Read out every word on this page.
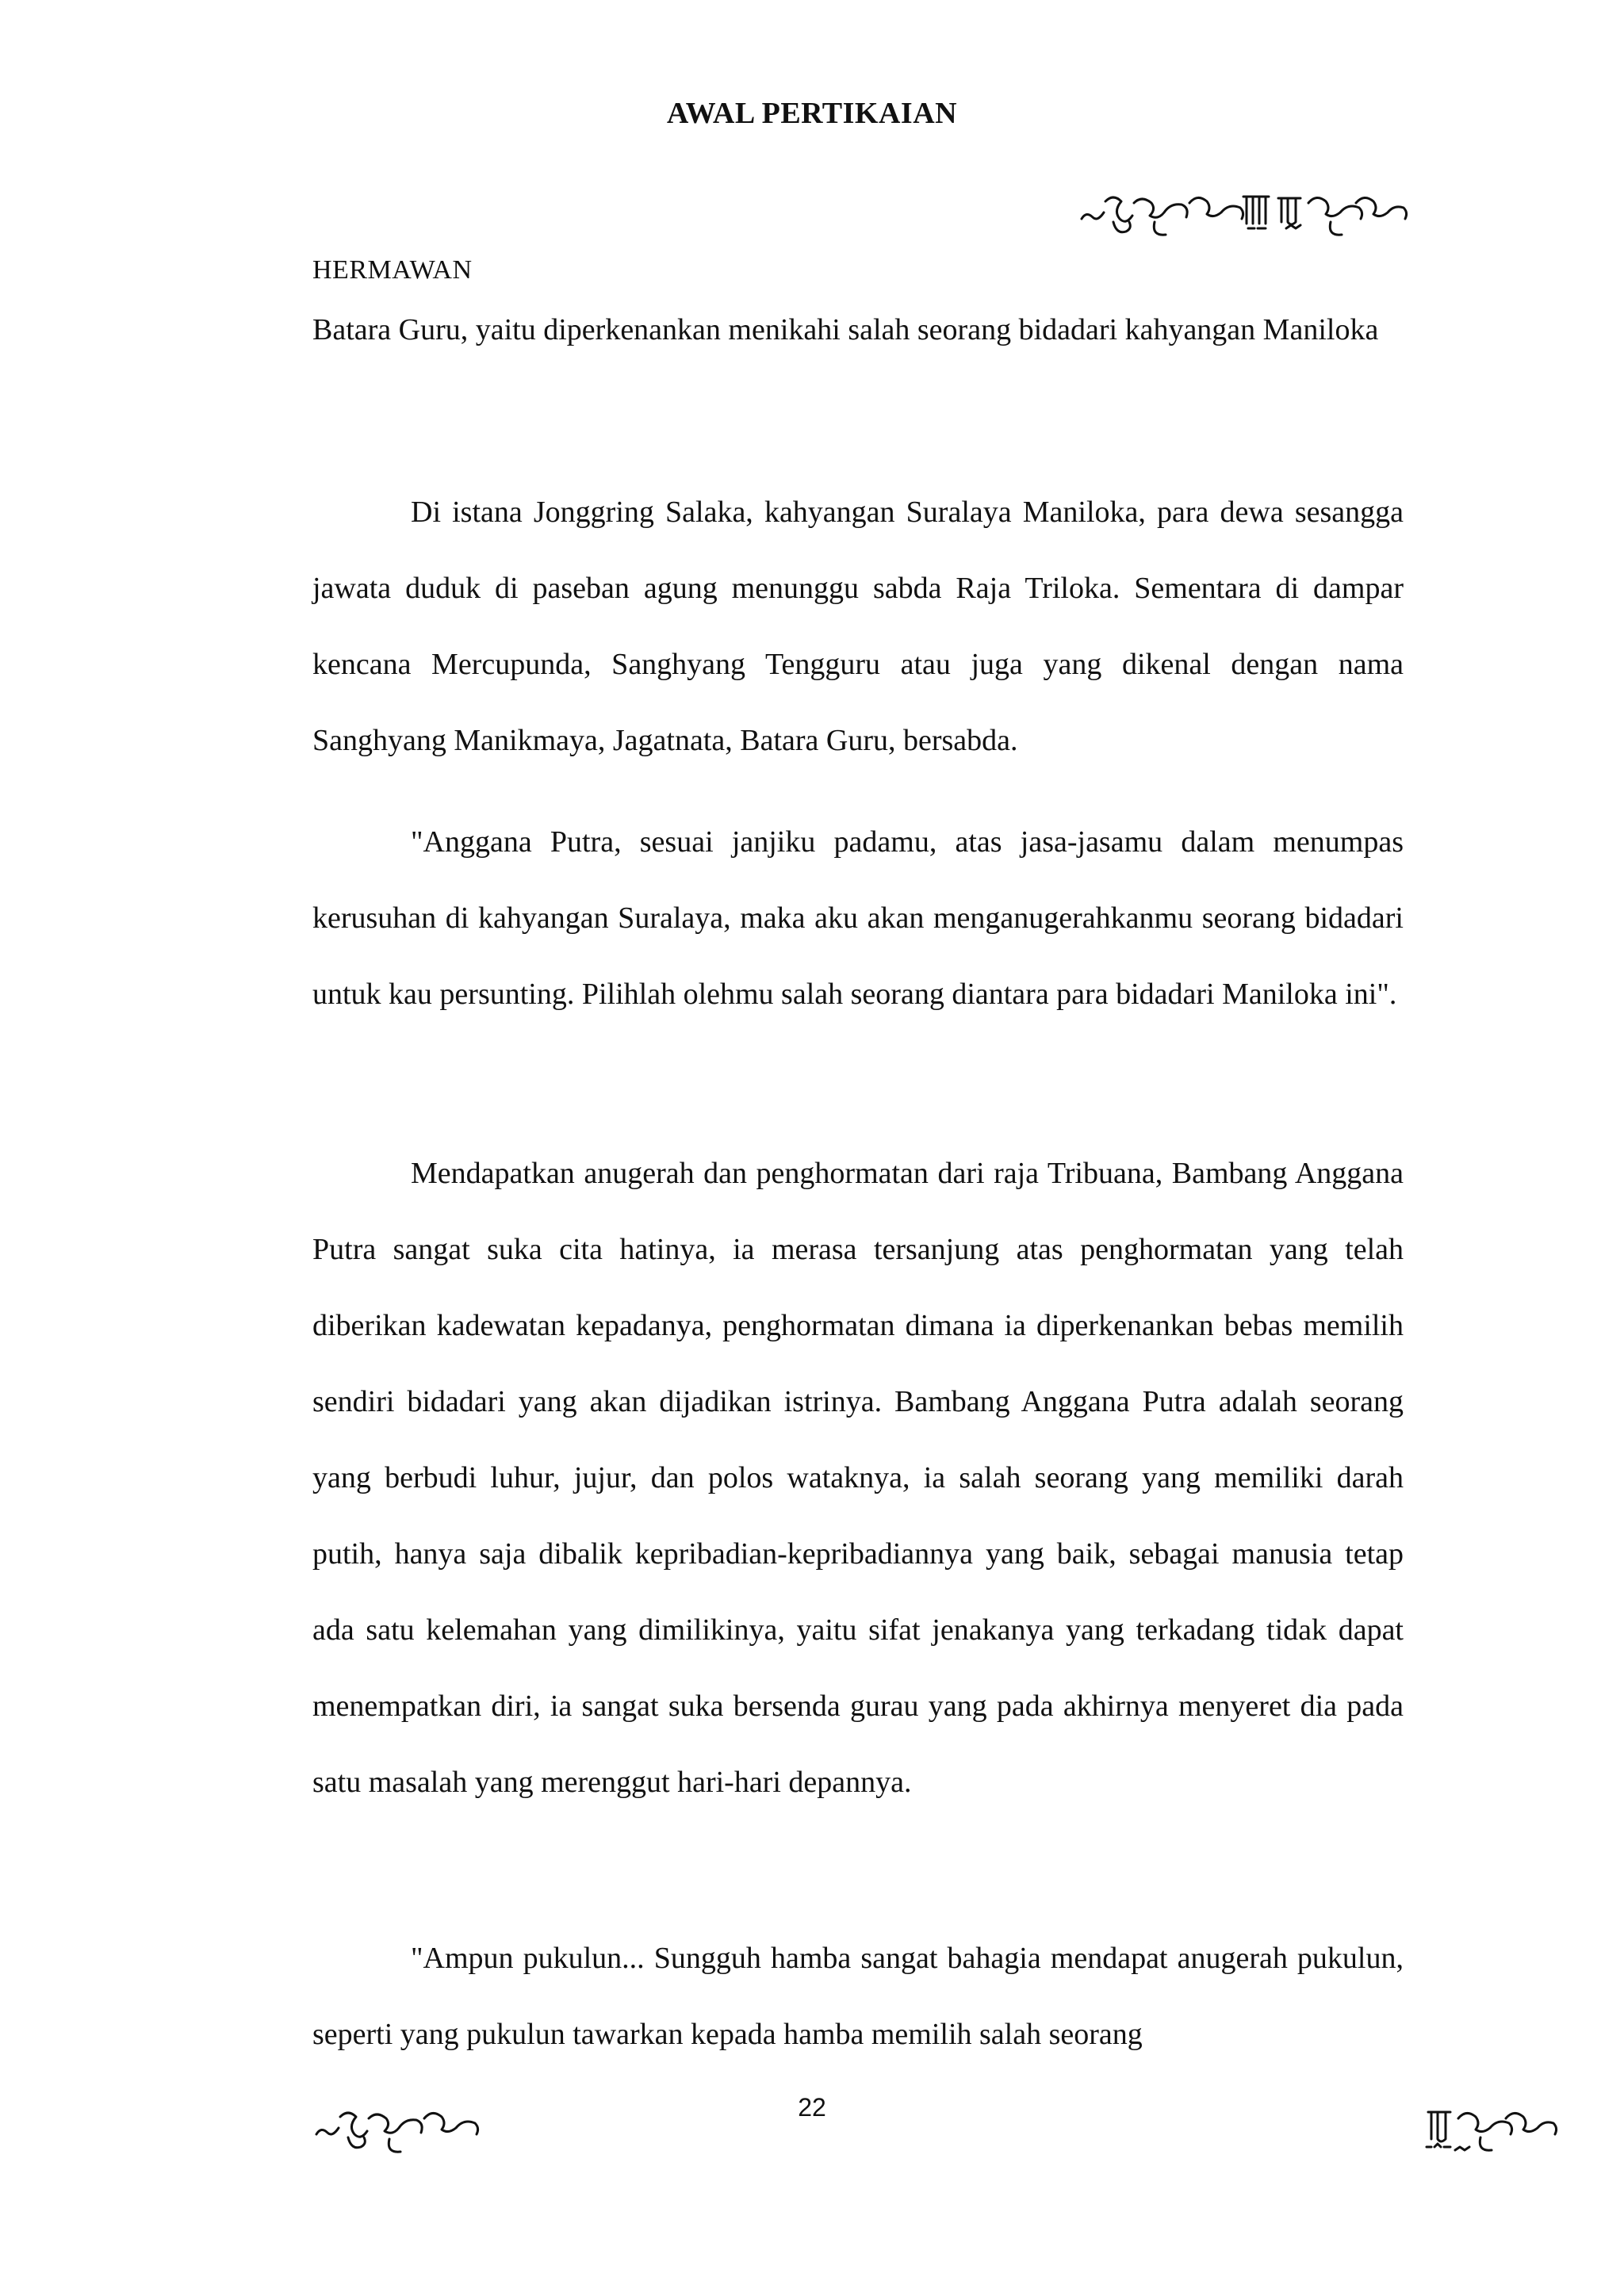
AWAL PERTIKAIAN
HERMAWAN
Batara Guru, yaitu diperkenankan menikahi salah seorang bidadari kahyangan Maniloka

Di istana Jonggring Salaka, kahyangan Suralaya Maniloka, para dewa sesangga jawata duduk di paseban agung menunggu sabda Raja Triloka. Sementara di dampar kencana Mercupunda, Sanghyang Tengguru atau juga yang dikenal dengan nama Sanghyang Manikmaya, Jagatnata, Batara Guru, bersabda.

"Anggana Putra, sesuai janjiku padamu, atas jasa-jasamu dalam menumpas kerusuhan di kahyangan Suralaya, maka aku akan menganugerahkanmu seorang bidadari untuk kau persunting. Pilihlah olehmu salah seorang diantara para bidadari Maniloka ini".

Mendapatkan anugerah dan penghormatan dari raja Tribuana, Bambang Anggana Putra sangat suka cita hatinya, ia merasa tersanjung atas penghormatan yang telah diberikan kadewatan kepadanya, penghormatan dimana ia diperkenankan bebas memilih sendiri bidadari yang akan dijadikan istrinya. Bambang Anggana Putra adalah seorang yang berbudi luhur, jujur, dan polos wataknya, ia salah seorang yang memiliki darah putih, hanya saja dibalik kepribadian-kepribadiannya yang baik, sebagai manusia tetap ada satu kelemahan yang dimilikinya, yaitu sifat jenakanya yang terkadang tidak dapat menempatkan diri, ia sangat suka bersenda gurau yang pada akhirnya menyeret dia pada satu masalah yang merenggut hari-hari depannya.

"Ampun pukulun... Sungguh hamba sangat bahagia mendapat anugerah pukulun, seperti yang pukulun tawarkan kepada hamba memilih salah seorang

22
